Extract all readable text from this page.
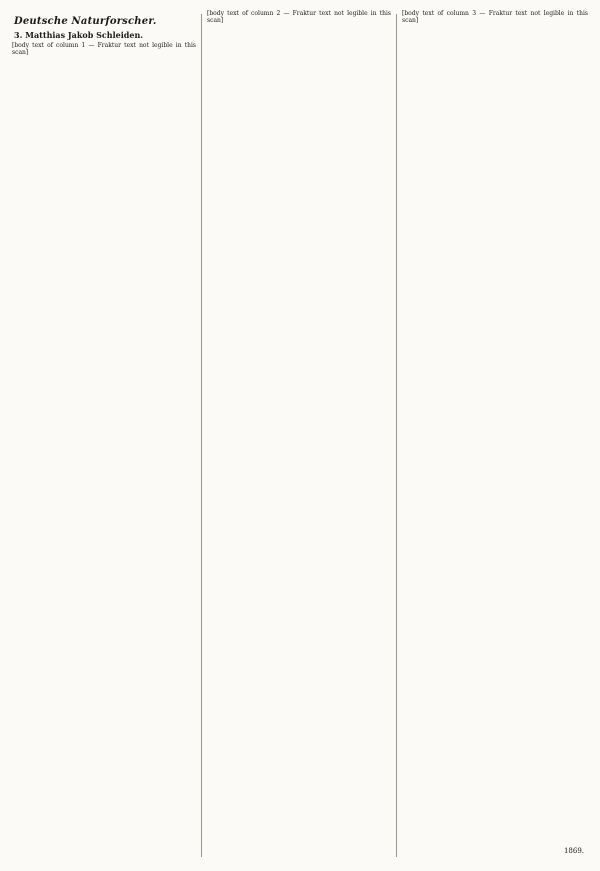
Deutsche Naturforscher.
3. Matthias Jakob Schleiden.

[body text of column 1 — Fraktur text not legible in this scan]

[body text of column 2 — Fraktur text not legible in this scan]

[body text of column 3 — Fraktur text not legible in this scan]

1869.
